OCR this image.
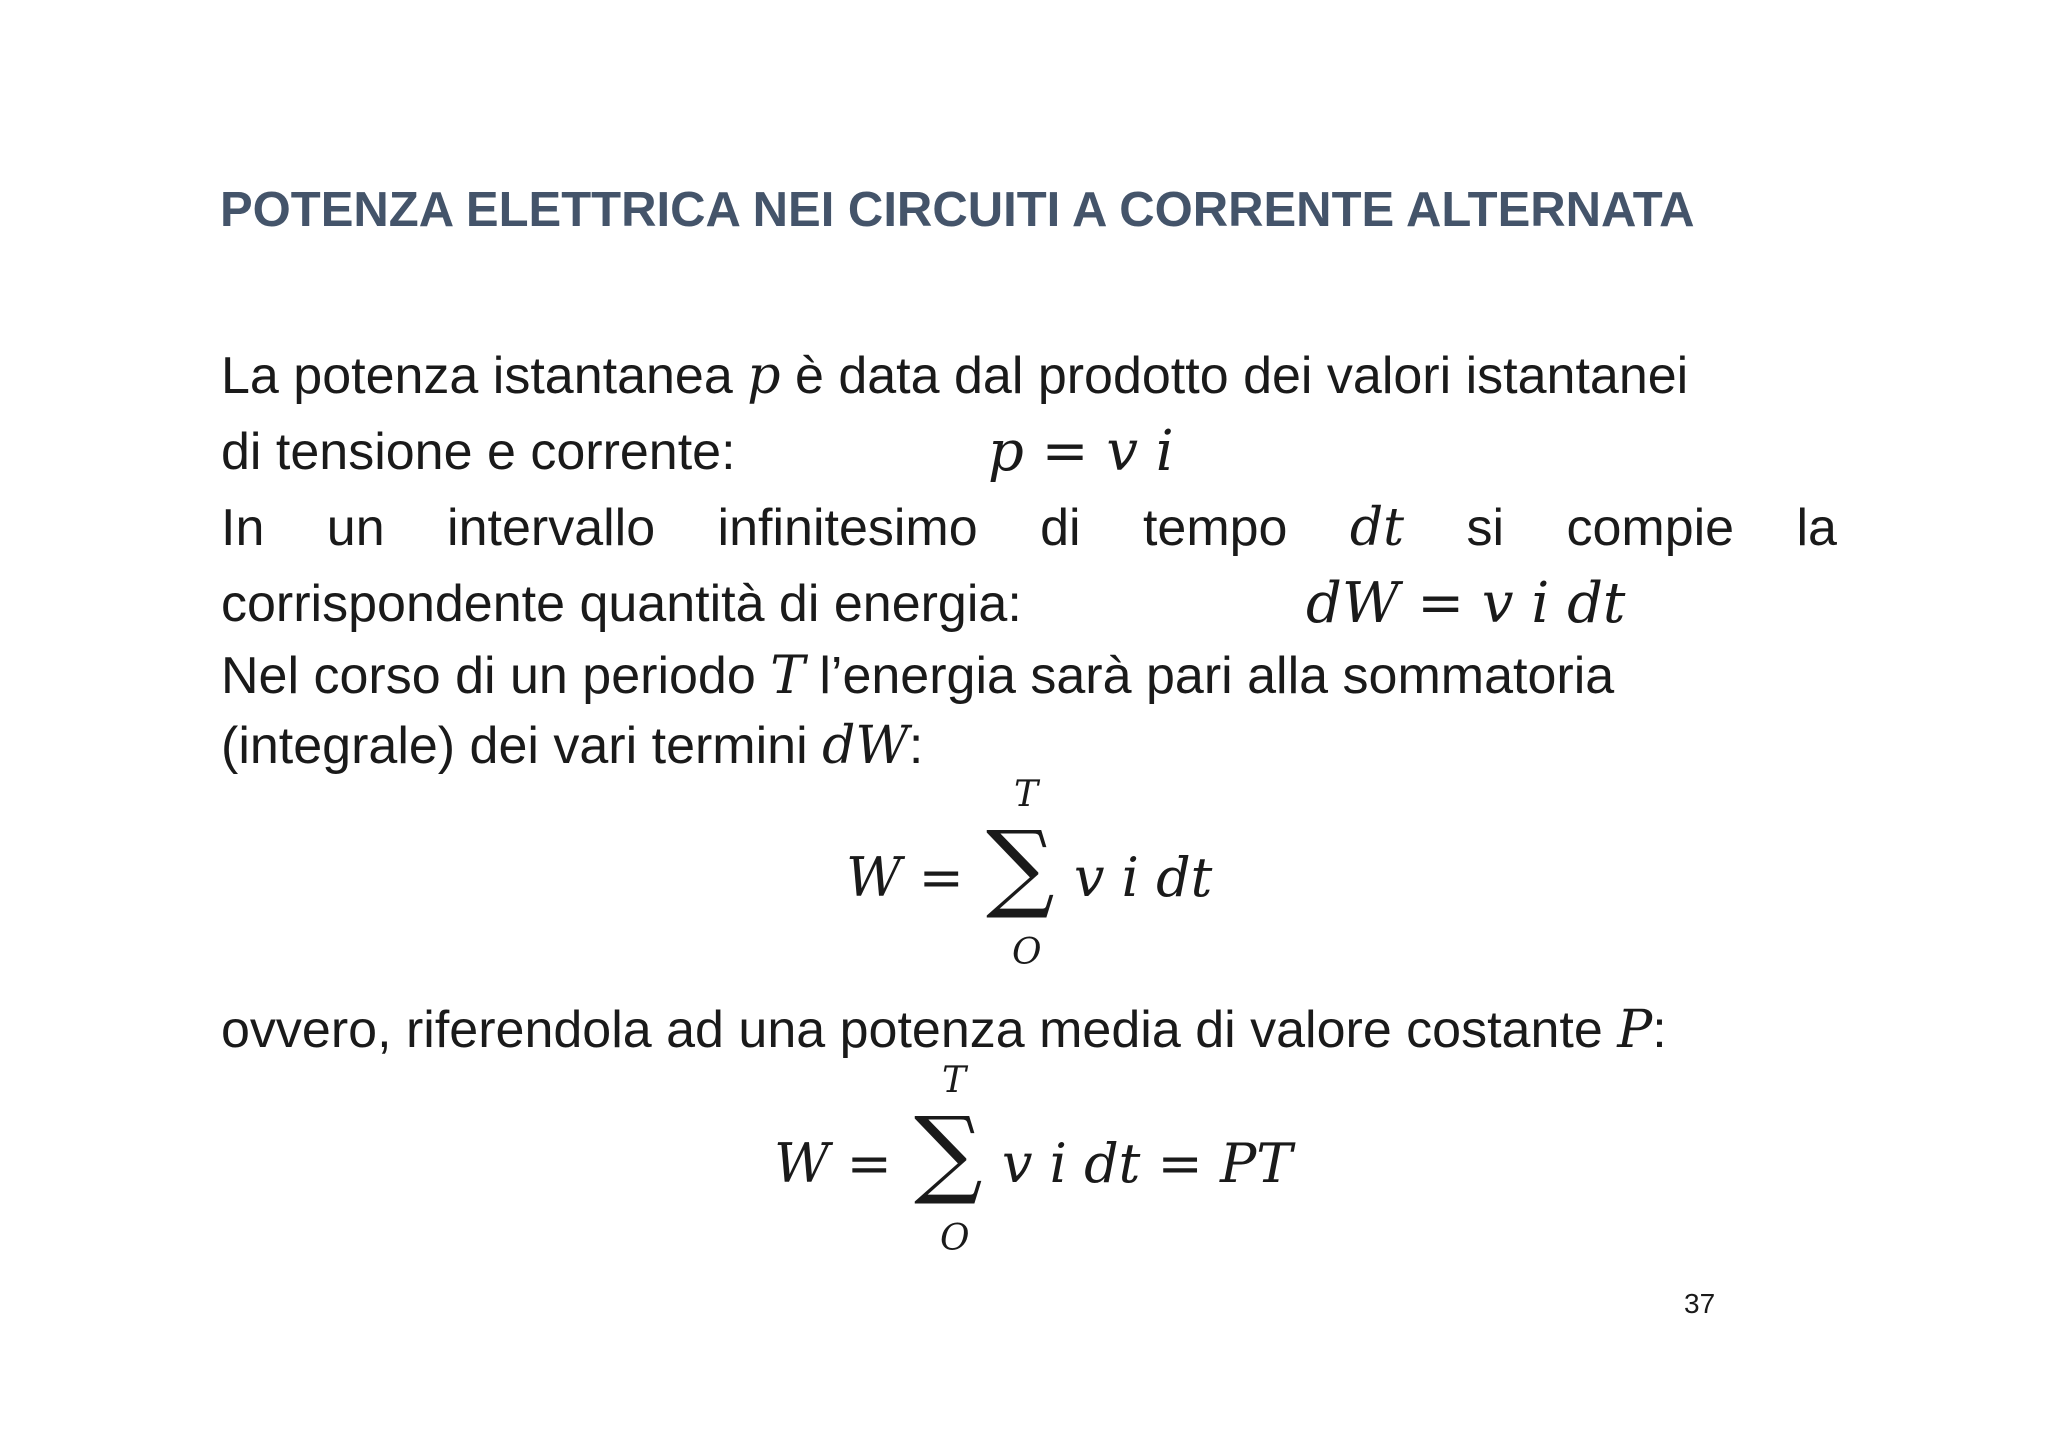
POTENZA ELETTRICA NEI CIRCUITI A CORRENTE ALTERNATA
La potenza istantanea p è data dal prodotto dei valori istantanei
di tensione e corrente:	p = v i
In un intervallo infinitesimo di tempo dt si compie la
corrispondente quantità di energia:	dW = v i dt
Nel corso di un periodo T l’energia sarà pari alla sommatoria
(integrale) dei vari termini dW:
W =
T
∑
O
v i dt
ovvero, riferendola ad una potenza media di valore costante P:
W =
T
∑
O
v i dt = PT
37
